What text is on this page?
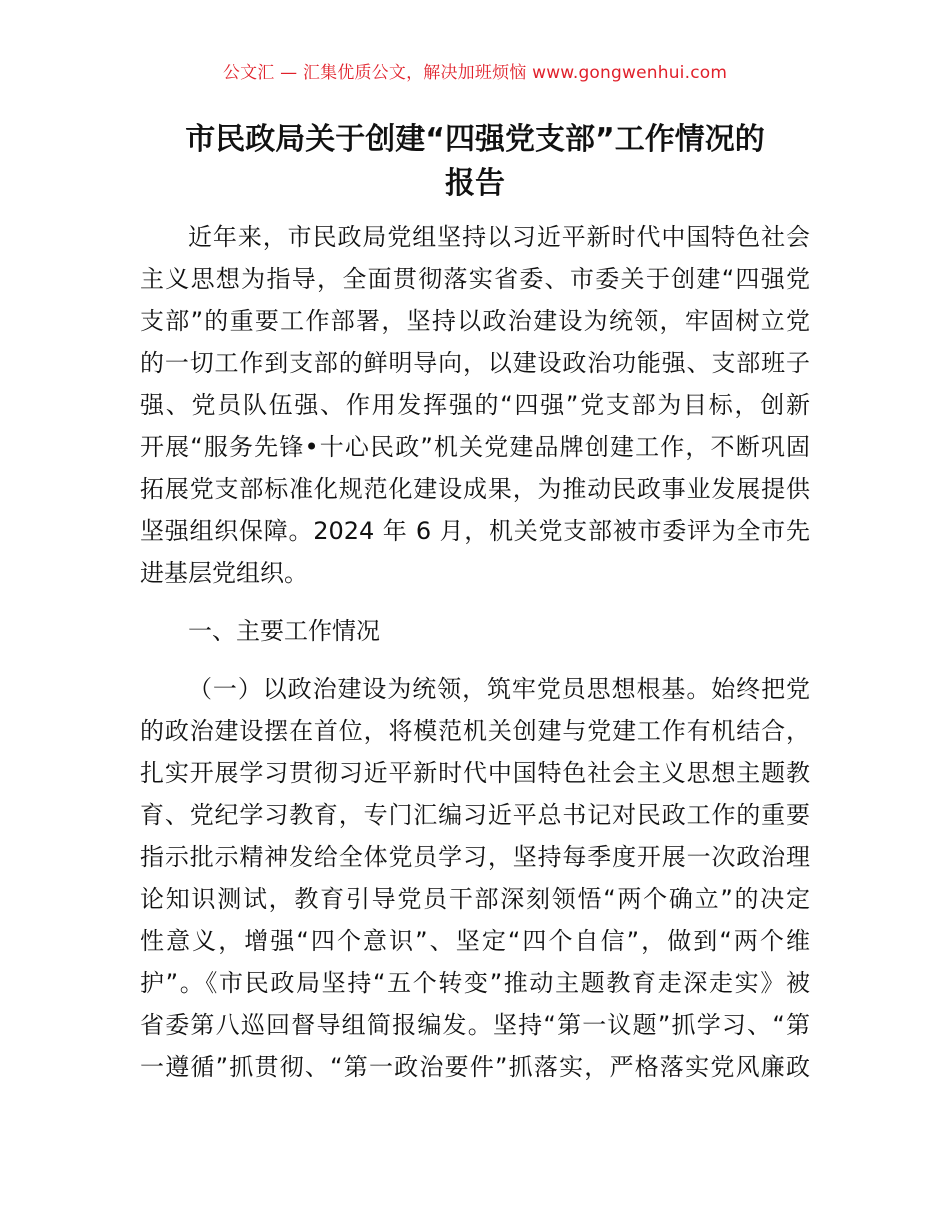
公文汇 — 汇集优质公文，解决加班烦恼 www.gongwenhui.com
市民政局关于创建“四强党支部”工作情况的
报告
近年来，市民政局党组坚持以习近平新时代中国特色社会
主义思想为指导，全面贯彻落实省委、市委关于创建“四强党
支部”的重要工作部署，坚持以政治建设为统领，牢固树立党
的一切工作到支部的鲜明导向，以建设政治功能强、支部班子
强、党员队伍强、作用发挥强的“四强”党支部为目标，创新
开展“服务先锋•十心民政”机关党建品牌创建工作，不断巩固
拓展党支部标准化规范化建设成果，为推动民政事业发展提供
坚强组织保障。2024 年 6 月，机关党支部被市委评为全市先
进基层党组织。
一、主要工作情况
（一）以政治建设为统领，筑牢党员思想根基。始终把党
的政治建设摆在首位，将模范机关创建与党建工作有机结合，
扎实开展学习贯彻习近平新时代中国特色社会主义思想主题教
育、党纪学习教育，专门汇编习近平总书记对民政工作的重要
指示批示精神发给全体党员学习，坚持每季度开展一次政治理
论知识测试，教育引导党员干部深刻领悟“两个确立”的决定
性意义，增强“四个意识”、坚定“四个自信”，做到“两个维
护”。《市民政局坚持“五个转变”推动主题教育走深走实》被
省委第八巡回督导组简报编发。坚持“第一议题”抓学习、“第
一遵循”抓贯彻、“第一政治要件”抓落实，严格落实党风廉政
